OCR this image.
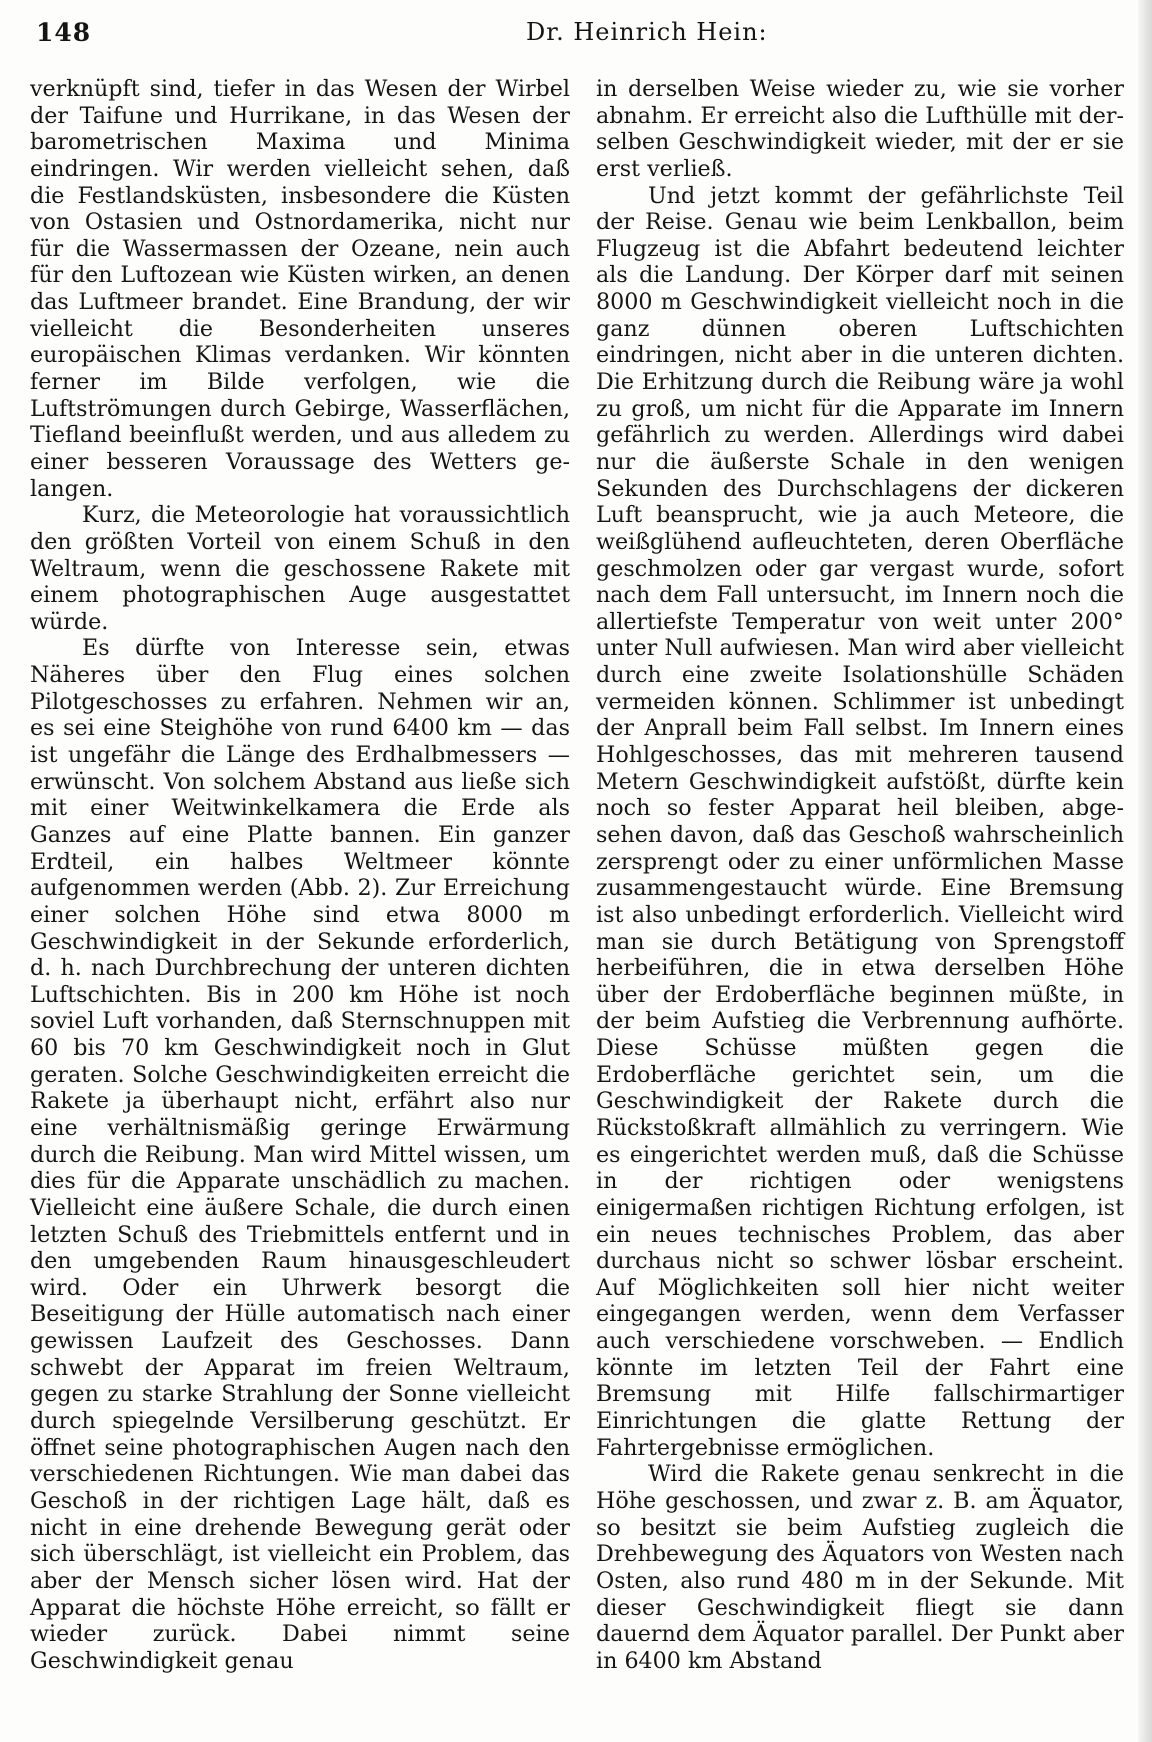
148	Dr. Heinrich Hein:

verknüpft sind, tiefer in das Wesen der Wirbel der Taifune und Hurrikane, in das Wesen der barometrischen Maxima und Minima eindringen. Wir werden vielleicht sehen, daß die Festlandsküsten, insbesondere die Küsten von Ostasien und Ostnordamerika, nicht nur für die Wassermassen der Ozeane, nein auch für den Luftozean wie Küsten wirken, an denen das Luftmeer brandet. Eine Brandung, der wir vielleicht die Besonderheiten unseres europäischen Klimas verdanken. Wir könnten ferner im Bilde verfolgen, wie die Luftströmungen durch Gebirge, Wasserflächen, Tiefland beeinflußt werden, und aus alledem zu einer besseren Voraussage des Wetters gelangen.

Kurz, die Meteorologie hat voraussichtlich den größten Vorteil von einem Schuß in den Weltraum, wenn die geschossene Rakete mit einem photographischen Auge ausgestattet würde.

Es dürfte von Interesse sein, etwas Näheres über den Flug eines solchen Pilotgeschosses zu erfahren. Nehmen wir an, es sei eine Steighöhe von rund 6400 km — das ist ungefähr die Länge des Erdhalbmessers — erwünscht. Von solchem Abstand aus ließe sich mit einer Weitwinkelkamera die Erde als Ganzes auf eine Platte bannen. Ein ganzer Erdteil, ein halbes Weltmeer könnte aufgenommen werden (Abb. 2). Zur Erreichung einer solchen Höhe sind etwa 8000 m Geschwindigkeit in der Sekunde erforderlich, d. h. nach Durchbrechung der unteren dichten Luftschichten. Bis in 200 km Höhe ist noch soviel Luft vorhanden, daß Sternschnuppen mit 60 bis 70 km Geschwindigkeit noch in Glut geraten. Solche Geschwindigkeiten erreicht die Rakete ja überhaupt nicht, erfährt also nur eine verhältnismäßig geringe Erwärmung durch die Reibung. Man wird Mittel wissen, um dies für die Apparate unschädlich zu machen. Vielleicht eine äußere Schale, die durch einen letzten Schuß des Triebmittels entfernt und in den umgebenden Raum hinausgeschleudert wird. Oder ein Uhrwerk besorgt die Beseitigung der Hülle automatisch nach einer gewissen Laufzeit des Geschosses. Dann schwebt der Apparat im freien Weltraum, gegen zu starke Strahlung der Sonne vielleicht durch spiegelnde Versilberung geschützt. Er öffnet seine photographischen Augen nach den verschiedenen Richtungen. Wie man dabei das Geschoß in der richtigen Lage hält, daß es nicht in eine drehende Bewegung gerät oder sich überschlägt, ist vielleicht ein Problem, das aber der Mensch sicher lösen wird. Hat der Apparat die höchste Höhe erreicht, so fällt er wieder zurück. Dabei nimmt seine Geschwindigkeit genau

in derselben Weise wieder zu, wie sie vorher abnahm. Er erreicht also die Lufthülle mit derselben Geschwindigkeit wieder, mit der er sie erst verließ.

Und jetzt kommt der gefährlichste Teil der Reise. Genau wie beim Lenkballon, beim Flugzeug ist die Abfahrt bedeutend leichter als die Landung. Der Körper darf mit seinen 8000 m Geschwindigkeit vielleicht noch in die ganz dünnen oberen Luftschichten eindringen, nicht aber in die unteren dichten. Die Erhitzung durch die Reibung wäre ja wohl zu groß, um nicht für die Apparate im Innern gefährlich zu werden. Allerdings wird dabei nur die äußerste Schale in den wenigen Sekunden des Durchschlagens der dickeren Luft beansprucht, wie ja auch Meteore, die weißglühend aufleuchteten, deren Oberfläche geschmolzen oder gar vergast wurde, sofort nach dem Fall untersucht, im Innern noch die allertiefste Temperatur von weit unter 200° unter Null aufwiesen. Man wird aber vielleicht durch eine zweite Isolationshülle Schäden vermeiden können. Schlimmer ist unbedingt der Anprall beim Fall selbst. Im Innern eines Hohlgeschosses, das mit mehreren tausend Metern Geschwindigkeit aufstößt, dürfte kein noch so fester Apparat heil bleiben, abgesehen davon, daß das Geschoß wahrscheinlich zersprengt oder zu einer unförmlichen Masse zusammengestaucht würde. Eine Bremsung ist also unbedingt erforderlich. Vielleicht wird man sie durch Betätigung von Sprengstoff herbeiführen, die in etwa derselben Höhe über der Erdoberfläche beginnen müßte, in der beim Aufstieg die Verbrennung aufhörte. Diese Schüsse müßten gegen die Erdoberfläche gerichtet sein, um die Geschwindigkeit der Rakete durch die Rückstoßkraft allmählich zu verringern. Wie es eingerichtet werden muß, daß die Schüsse in der richtigen oder wenigstens einigermaßen richtigen Richtung erfolgen, ist ein neues technisches Problem, das aber durchaus nicht so schwer lösbar erscheint. Auf Möglichkeiten soll hier nicht weiter eingegangen werden, wenn dem Verfasser auch verschiedene vorschweben. — Endlich könnte im letzten Teil der Fahrt eine Bremsung mit Hilfe fallschirmartiger Einrichtungen die glatte Rettung der Fahrtergebnisse ermöglichen.

Wird die Rakete genau senkrecht in die Höhe geschossen, und zwar z. B. am Äquator, so besitzt sie beim Aufstieg zugleich die Drehbewegung des Äquators von Westen nach Osten, also rund 480 m in der Sekunde. Mit dieser Geschwindigkeit fliegt sie dann dauernd dem Äquator parallel. Der Punkt aber in 6400 km Abstand
